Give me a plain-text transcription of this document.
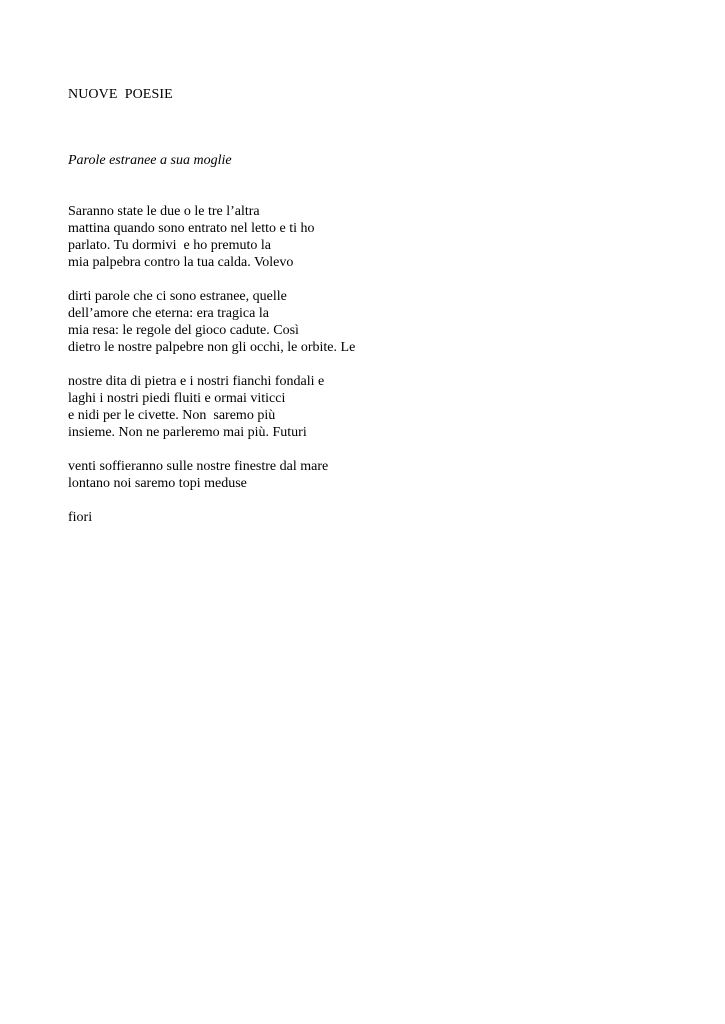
NUOVE  POESIE
Parole estranee a sua moglie
Saranno state le due o le tre l’altra
mattina quando sono entrato nel letto e ti ho
parlato. Tu dormivi  e ho premuto la
mia palpebra contro la tua calda. Volevo
dirti parole che ci sono estranee, quelle
dell’amore che eterna: era tragica la
mia resa: le regole del gioco cadute. Così
dietro le nostre palpebre non gli occhi, le orbite. Le
nostre dita di pietra e i nostri fianchi fondali e
laghi i nostri piedi fluiti e ormai viticci
e nidi per le civette. Non  saremo più
insieme. Non ne parleremo mai più. Futuri
venti soffieranno sulle nostre finestre dal mare
lontano noi saremo topi meduse
fiori
